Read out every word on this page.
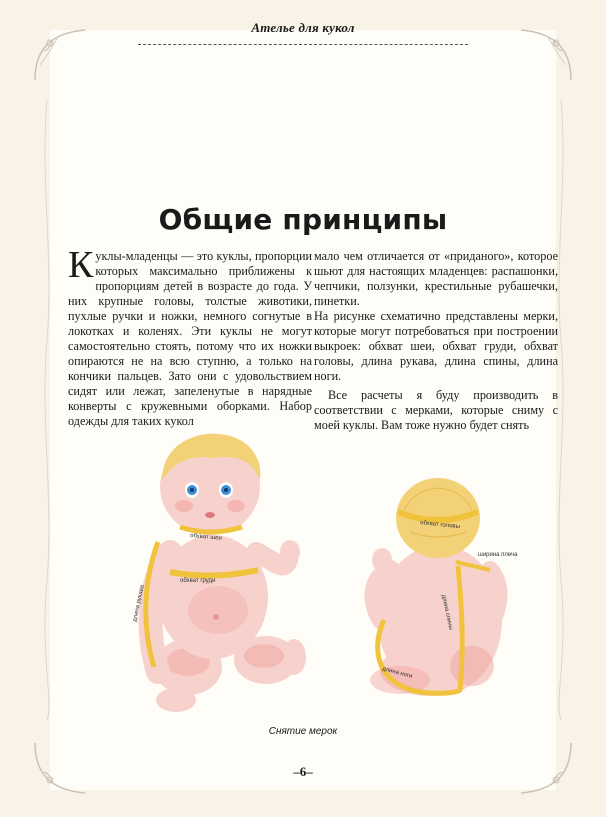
Ателье для кукол
Общие принципы

Куклы-младенцы — это куклы, пропорции которых максимально приближены к пропорциям детей в возрасте до года. У них крупные головы, толстые животики, пухлые ручки и ножки, немного согнутые в локотках и коленях. Эти куклы не могут самостоятельно стоять, потому что их ножки опираются не на всю ступню, а только на кончики пальцев. Зато они с удовольствием сидят или лежат, запеленутые в нарядные конверты с кружевными оборками. Набор одежды для таких кукол

мало чем отличается от «приданого», которое шьют для настоящих младенцев: распашонки, чепчики, ползунки, крестильные рубашечки, пинетки.

На рисунке схематично представлены мерки, которые могут потребоваться при построении выкроек: обхват шеи, обхват груди, обхват головы, длина рукава, длина спины, длина ноги.

Все расчеты я буду производить в соответствии с мерками, которые сниму с моей куклы. Вам тоже нужно будет снять

обхват шеи
обхват груди
длина рукава
обхват головы
ширина плеча
длина спины
длина ноги
Снятие мерок
–6–
